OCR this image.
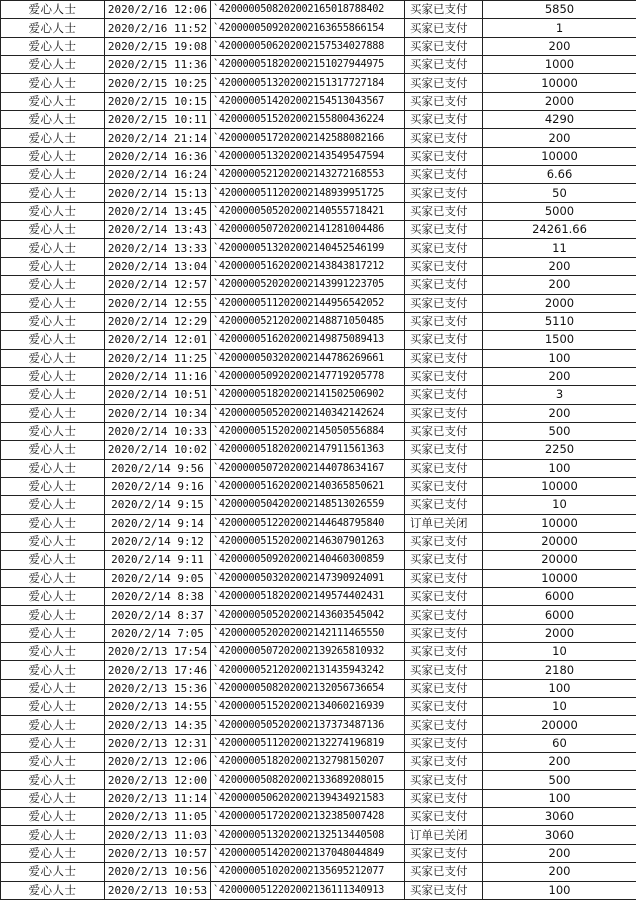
爱心人士	2020/2/16 12:06	`4200000508202002165018788402	买家已支付	5850
爱心人士	2020/2/16 11:52	`4200000509202002163655866154	买家已支付	1
爱心人士	2020/2/15 19:08	`4200000506202002157534027888	买家已支付	200
爱心人士	2020/2/15 11:36	`4200000518202002151027944975	买家已支付	1000
爱心人士	2020/2/15 10:25	`4200000513202002151317727184	买家已支付	10000
爱心人士	2020/2/15 10:15	`4200000514202002154513043567	买家已支付	2000
爱心人士	2020/2/15 10:11	`4200000515202002155800436224	买家已支付	4290
爱心人士	2020/2/14 21:14	`4200000517202002142588082166	买家已支付	200
爱心人士	2020/2/14 16:36	`4200000513202002143549547594	买家已支付	10000
爱心人士	2020/2/14 16:24	`4200000521202002143272168553	买家已支付	6.66
爱心人士	2020/2/14 15:13	`4200000511202002148939951725	买家已支付	50
爱心人士	2020/2/14 13:45	`4200000505202002140555718421	买家已支付	5000
爱心人士	2020/2/14 13:43	`4200000507202002141281004486	买家已支付	24261.66
爱心人士	2020/2/14 13:33	`4200000513202002140452546199	买家已支付	11
爱心人士	2020/2/14 13:04	`4200000516202002143843817212	买家已支付	200
爱心人士	2020/2/14 12:57	`4200000520202002143991223705	买家已支付	200
爱心人士	2020/2/14 12:55	`4200000511202002144956542052	买家已支付	2000
爱心人士	2020/2/14 12:29	`4200000521202002148871050485	买家已支付	5110
爱心人士	2020/2/14 12:01	`4200000516202002149875089413	买家已支付	1500
爱心人士	2020/2/14 11:25	`4200000503202002144786269661	买家已支付	100
爱心人士	2020/2/14 11:16	`4200000509202002147719205778	买家已支付	200
爱心人士	2020/2/14 10:51	`4200000518202002141502506902	买家已支付	3
爱心人士	2020/2/14 10:34	`4200000505202002140342142624	买家已支付	200
爱心人士	2020/2/14 10:33	`4200000515202002145050556884	买家已支付	500
爱心人士	2020/2/14 10:02	`4200000518202002147911561363	买家已支付	2250
爱心人士	2020/2/14 9:56	`4200000507202002144078634167	买家已支付	100
爱心人士	2020/2/14 9:16	`4200000516202002140365850621	买家已支付	10000
爱心人士	2020/2/14 9:15	`4200000504202002148513026559	买家已支付	10
爱心人士	2020/2/14 9:14	`4200000512202002144648795840	订单已关闭	10000
爱心人士	2020/2/14 9:12	`4200000515202002146307901263	买家已支付	20000
爱心人士	2020/2/14 9:11	`4200000509202002140460300859	买家已支付	20000
爱心人士	2020/2/14 9:05	`4200000503202002147390924091	买家已支付	10000
爱心人士	2020/2/14 8:38	`4200000518202002149574402431	买家已支付	6000
爱心人士	2020/2/14 8:37	`4200000505202002143603545042	买家已支付	6000
爱心人士	2020/2/14 7:05	`4200000520202002142111465550	买家已支付	2000
爱心人士	2020/2/13 17:54	`4200000507202002139265810932	买家已支付	10
爱心人士	2020/2/13 17:46	`4200000521202002131435943242	买家已支付	2180
爱心人士	2020/2/13 15:36	`4200000508202002132056736654	买家已支付	100
爱心人士	2020/2/13 14:55	`4200000515202002134060216939	买家已支付	10
爱心人士	2020/2/13 14:35	`4200000505202002137373487136	买家已支付	20000
爱心人士	2020/2/13 12:31	`4200000511202002132274196819	买家已支付	60
爱心人士	2020/2/13 12:06	`4200000518202002132798150207	买家已支付	200
爱心人士	2020/2/13 12:00	`4200000508202002133689208015	买家已支付	500
爱心人士	2020/2/13 11:14	`4200000506202002139434921583	买家已支付	100
爱心人士	2020/2/13 11:05	`4200000517202002132385007428	买家已支付	3060
爱心人士	2020/2/13 11:03	`4200000513202002132513440508	订单已关闭	3060
爱心人士	2020/2/13 10:57	`4200000514202002137048044849	买家已支付	200
爱心人士	2020/2/13 10:56	`4200000510202002135695212077	买家已支付	200
爱心人士	2020/2/13 10:53	`4200000512202002136111340913	买家已支付	100
